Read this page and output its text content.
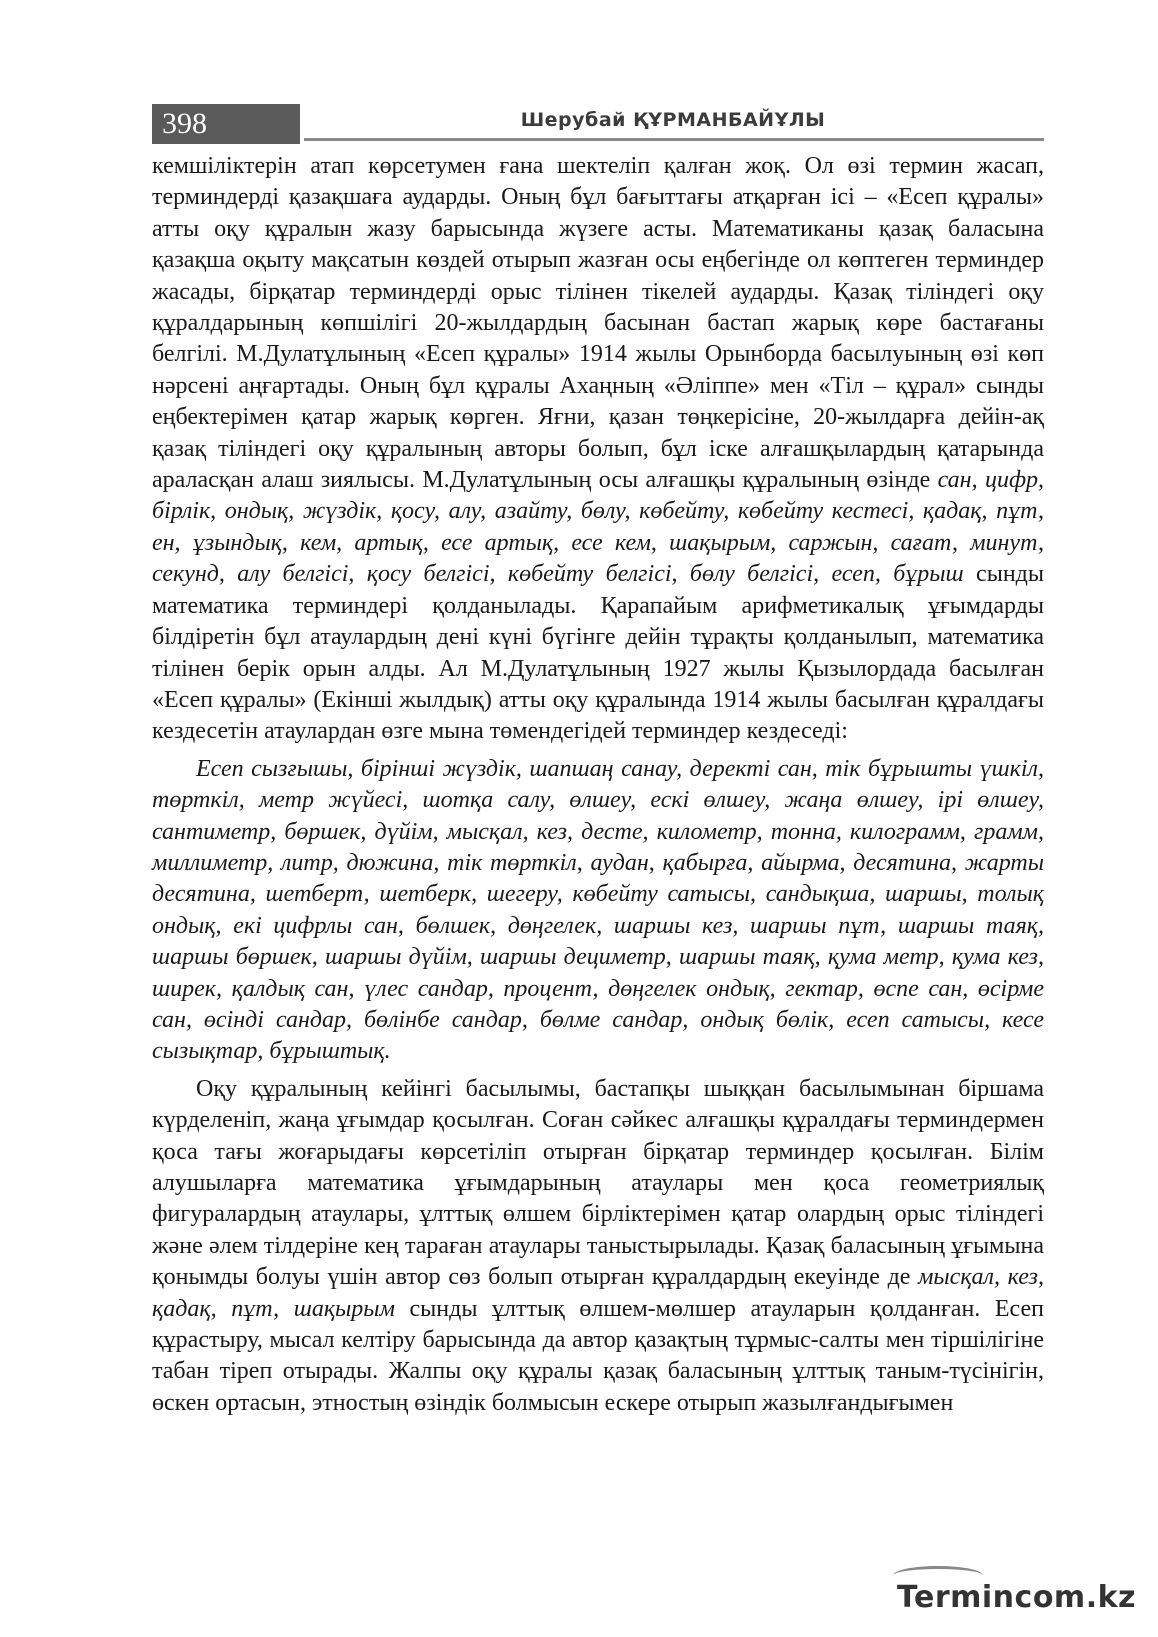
398	Шерубай ҚҰРМАНБАЙҰЛЫ

кемшіліктерін атап көрсетумен ғана шектеліп қалған жоқ. Ол өзі термин жасап, терминдерді қазақшаға аударды. Оның бұл бағыттағы атқарған ісі – «Есеп құралы» атты оқу құралын жазу барысында жүзеге асты. Математиканы қазақ баласына қазақша оқыту мақсатын көздей отырып жазған осы еңбегінде ол көптеген терминдер жасады, бірқатар терминдерді орыс тілінен тікелей аударды. Қазақ тіліндегі оқу құралдарының көпшілігі 20-жылдардың басынан бастап жарық көре бастағаны белгілі. М.Дулатұлының «Есеп құралы» 1914 жылы Орынборда басылуының өзі көп нәрсені аңғартады. Оның бұл құралы Ахаңның «Әліппе» мен «Тіл – құрал» сынды еңбектерімен қатар жарық көрген. Яғни, қазан төңкерісіне, 20-жылдарға дейін-ақ қазақ тіліндегі оқу құралының авторы болып, бұл іске алғашқылардың қатарында араласқан алаш зиялысы. М.Дулатұлының осы алғашқы құралының өзінде сан, цифр, бірлік, ондық, жүздік, қосу, алу, азайту, бөлу, көбейту, көбейту кестесі, қадақ, пұт, ен, ұзындық, кем, артық, есе артық, есе кем, шақырым, саржын, сағат, минут, секунд, алу белгісі, қосу белгісі, көбейту белгісі, бөлу белгісі, есеп, бұрыш сынды математика терминдері қолданылады. Қарапайым арифметикалық ұғымдарды білдіретін бұл атаулардың дені күні бүгінге дейін тұрақты қолданылып, математика тілінен берік орын алды. Ал М.Дулатұлының 1927 жылы Қызылордада басылған «Есеп құралы» (Екінші жылдық) атты оқу құралында 1914 жылы басылған құралдағы кездесетін атаулардан өзге мына төмендегідей терминдер кездеседі:

Есеп сызғышы, бірінші жүздік, шапшаң санау, деректі сан, тік бұрышты үшкіл, төрткіл, метр жүйесі, шотқа салу, өлшеу, ескі өлшеу, жаңа өлшеу, ірі өлшеу, сантиметр, бөршек, дүйім, мысқал, кез, десте, километр, тонна, килограмм, грамм, миллиметр, литр, дюжина, тік төрткіл, аудан, қабырға, айырма, десятина, жарты десятина, шетберт, шетберк, шегеру, көбейту сатысы, сандықша, шаршы, толық ондық, екі цифрлы сан, бөлшек, дөңгелек, шаршы кез, шаршы пұт, шаршы таяқ, шаршы бөршек, шаршы дүйім, шаршы дециметр, шаршы таяқ, қума метр, қума кез, ширек, қалдық сан, үлес сандар, процент, дөңгелек ондық, гектар, өспе сан, өсірме сан, өсінді сандар, бөлінбе сандар, бөлме сандар, ондық бөлік, есеп сатысы, кесе сызықтар, бұрыштық.

Оқу құралының кейінгі басылымы, бастапқы шыққан басылымынан біршама күрделеніп, жаңа ұғымдар қосылған. Соған сәйкес алғашқы құралдағы терминдермен қоса тағы жоғарыдағы көрсетіліп отырған бірқатар терминдер қосылған. Білім алушыларға математика ұғымдарының атаулары мен қоса геометриялық фигуралардың атаулары, ұлттық өлшем бірліктерімен қатар олардың орыс тіліндегі және әлем тілдеріне кең тараған атаулары таныстырылады. Қазақ баласының ұғымына қонымды болуы үшін автор сөз болып отырған құралдардың екеуінде де мысқал, кез, қадақ, пұт, шақырым сынды ұлттық өлшем-мөлшер атауларын қолданған. Есеп құрастыру, мысал келтіру барысында да автор қазақтың тұрмыс-салты мен тіршілігіне табан тіреп отырады. Жалпы оқу құралы қазақ баласының ұлттық таным-түсінігін, өскен ортасын, этностың өзіндік болмысын ескере отырып жазылғандығымен

Termincom.kz
